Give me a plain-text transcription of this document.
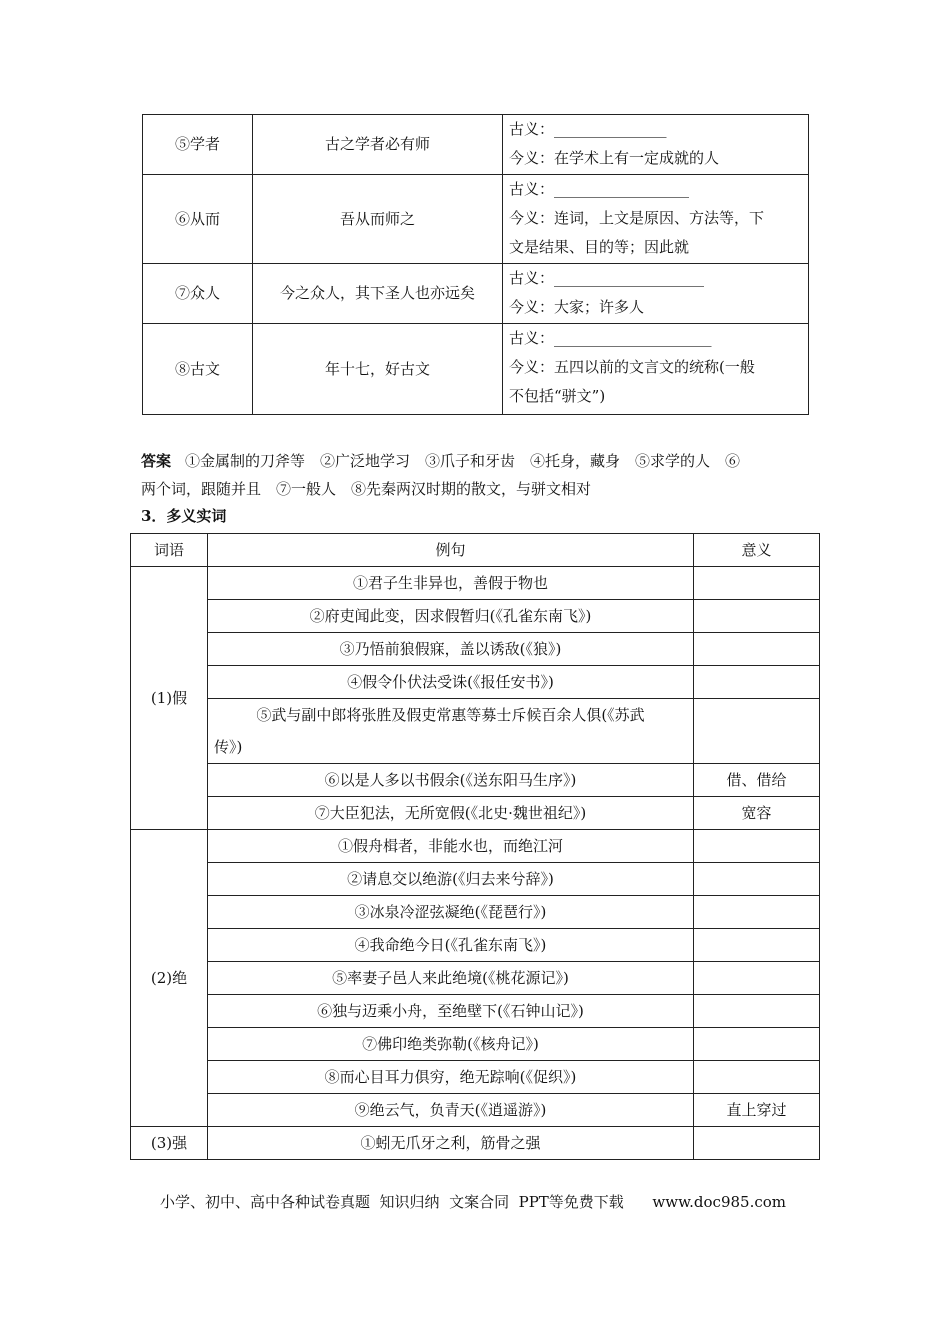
⑤学者	古之学者必有师	古义：_______________
今义：在学术上有一定成就的人

⑥从而	吾从而师之	古义：__________________
今义：连词，上文是原因、方法等，下
文是结果、目的等；因此就

⑦众人	今之众人，其下圣人也亦远矣	古义：____________________
今义：大家；许多人

⑧古文	年十七，好古文	古义：_____________________
今义：五四以前的文言文的统称(一般
不包括“骈文”)
答案 ①金属制的刀斧等　②广泛地学习　③爪子和牙齿　④托身，藏身　⑤求学的人　⑥
两个词，跟随并且　⑦一般人　⑧先秦两汉时期的散文，与骈文相对
3．多义实词
词语	例句	意义
(1)假	①君子生非异也，善假于物也	
	②府吏闻此变，因求假暂归(《孔雀东南飞》)	
	③乃悟前狼假寐，盖以诱敌(《狼》)	
	④假令仆伏法受诛(《报任安书》)	

	⑤武与副中郎将张胜及假吏常惠等募士斥候百余人俱(《苏武
传》)	

	⑥以是人多以书假余(《送东阳马生序》)	借、借给
	⑦大臣犯法，无所宽假(《北史·魏世祖纪》)	宽容
(2)绝	①假舟楫者，非能水也，而绝江河	
	②请息交以绝游(《归去来兮辞》)	
	③冰泉冷涩弦凝绝(《琵琶行》)	
	④我命绝今日(《孔雀东南飞》)	
	⑤率妻子邑人来此绝境(《桃花源记》)	
	⑥独与迈乘小舟，至绝壁下(《石钟山记》)	
	⑦佛印绝类弥勒(《核舟记》)	
	⑧而心目耳力俱穷，绝无踪响(《促织》)	
	⑨绝云气，负青天(《逍遥游》)	直上穿过
(3)强	①蚓无爪牙之利，筋骨之强	
小学、初中、高中各种试卷真题  知识归纳  文案合同  PPT等免费下载      www.doc985.com
